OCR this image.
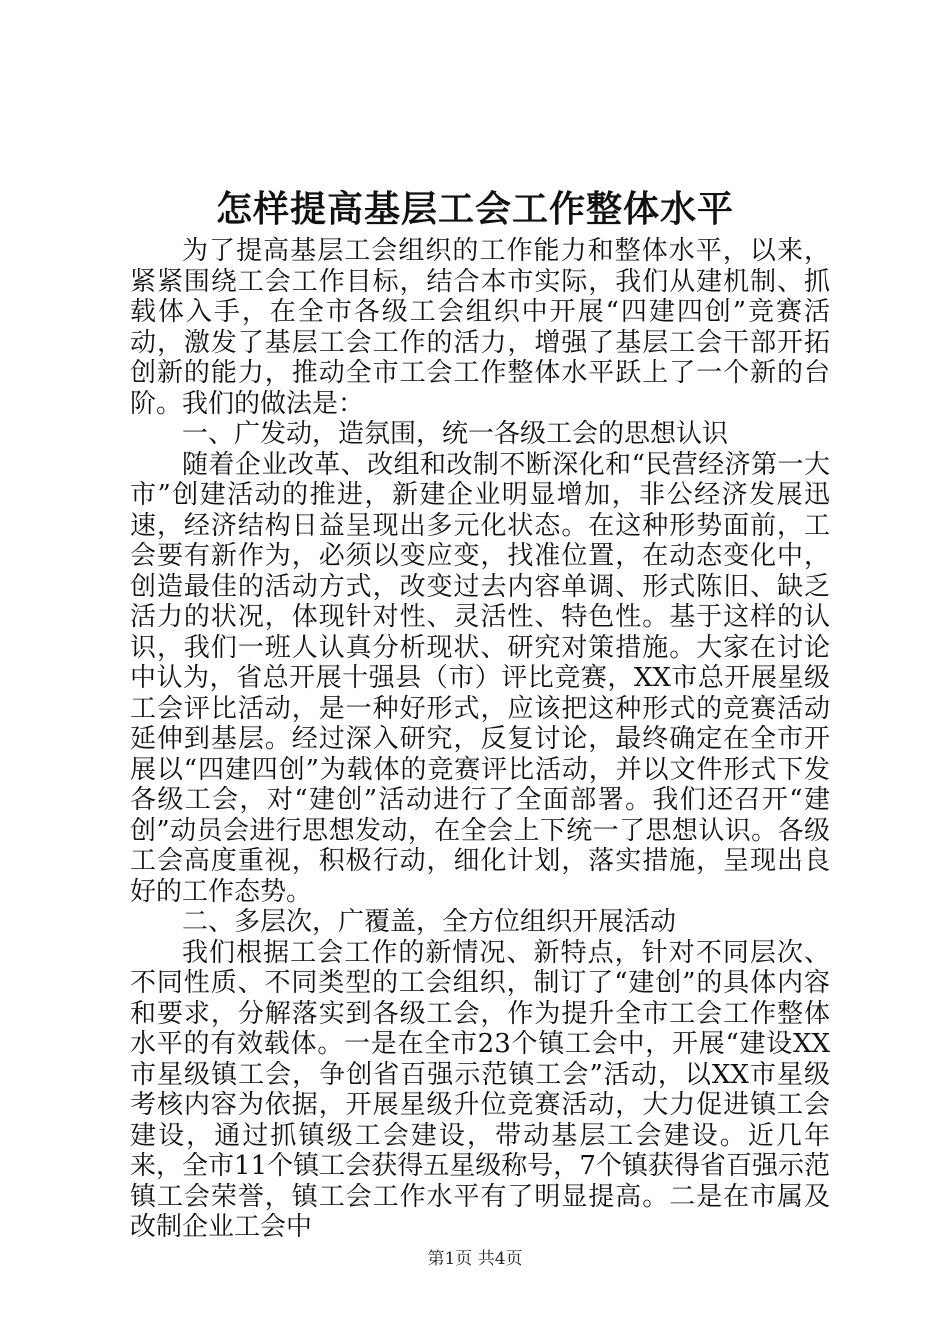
怎样提高基层工会工作整体水平

为了提高基层工会组织的工作能力和整体水平，以来，紧紧围绕工会工作目标，结合本市实际，我们从建机制、抓载体入手，在全市各级工会组织中开展“四建四创”竞赛活动，激发了基层工会工作的活力，增强了基层工会干部开拓创新的能力，推动全市工会工作整体水平跃上了一个新的台阶。我们的做法是：

一、广发动，造氛围，统一各级工会的思想认识

随着企业改革、改组和改制不断深化和“民营经济第一大市”创建活动的推进，新建企业明显增加，非公经济发展迅速，经济结构日益呈现出多元化状态。在这种形势面前，工会要有新作为，必须以变应变，找准位置，在动态变化中，创造最佳的活动方式，改变过去内容单调、形式陈旧、缺乏活力的状况，体现针对性、灵活性、特色性。基于这样的认识，我们一班人认真分析现状、研究对策措施。大家在讨论中认为，省总开展十强县（市）评比竞赛，XX市总开展星级工会评比活动，是一种好形式，应该把这种形式的竞赛活动延伸到基层。经过深入研究，反复讨论，最终确定在全市开展以“四建四创”为载体的竞赛评比活动，并以文件形式下发各级工会，对“建创”活动进行了全面部署。我们还召开“建创”动员会进行思想发动，在全会上下统一了思想认识。各级工会高度重视，积极行动，细化计划，落实措施，呈现出良好的工作态势。

二、多层次，广覆盖，全方位组织开展活动

我们根据工会工作的新情况、新特点，针对不同层次、不同性质、不同类型的工会组织，制订了“建创”的具体内容和要求，分解落实到各级工会，作为提升全市工会工作整体水平的有效载体。一是在全市23个镇工会中，开展“建设XX市星级镇工会，争创省百强示范镇工会”活动，以XX市星级考核内容为依据，开展星级升位竞赛活动，大力促进镇工会建设，通过抓镇级工会建设，带动基层工会建设。近几年来，全市11个镇工会获得五星级称号，7个镇获得省百强示范镇工会荣誉，镇工会工作水平有了明显提高。二是在市属及改制企业工会中

第1页 共4页
